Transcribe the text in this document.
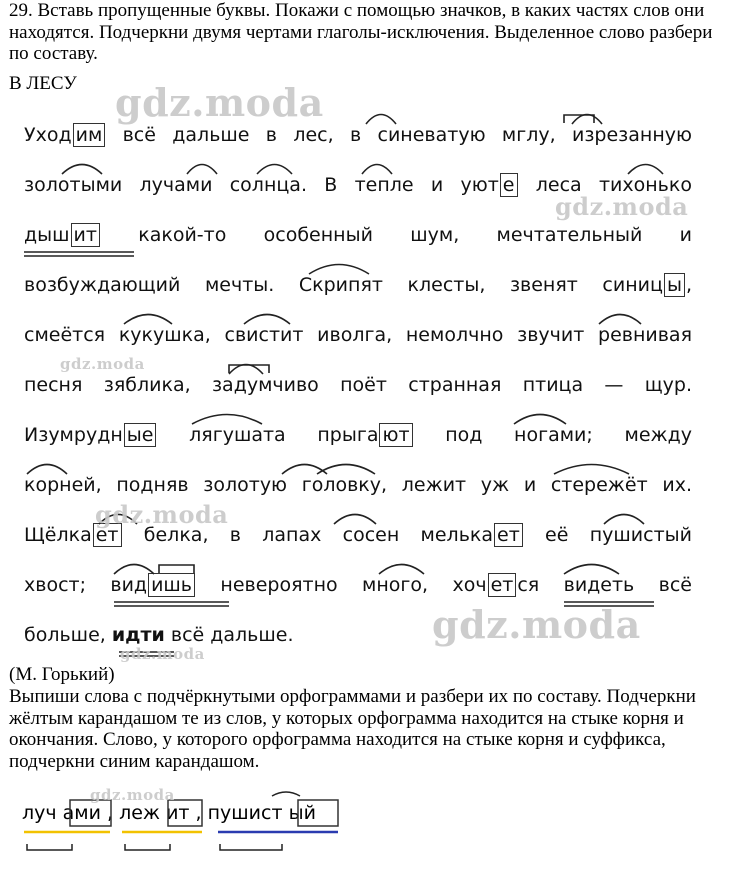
29. Вставь пропущенные буквы. Покажи с помощью значков, в каких частях слов они находятся. Подчеркни двумя чертами глаголы-исключения. Выделенное слово разбери по составу.

В ЛЕСУ

Уход им всё дальше в лес, в синеватую мглу, изрезанную
золотыми лучами солнца. В тепле и уют е леса тихонько
дыш ит какой-то особенный шум, мечтательный и
возбуждающий мечты. Скрипят клесты, звенят синиц ы ,
смеётся кукушка, свистит иволга, немолчно звучит ревнивая
песня зяблика, задумчиво поёт странная птица — щур.
Изумрудн ые лягушата прыга ют под ногами; между
корней, подняв золотую головку, лежит уж и стережёт их.
Щёлка ет белка, в лапах сосен мелька ет её пушистый
хвост; вид ишь невероятно много, хоч ет ся видеть всё
больше, идти всё дальше.

(М. Горький)

Выпиши слова с подчёркнутыми орфограммами и разбери их по составу. Подчеркни жёлтым карандашом те из слов, у которых орфограмма находится на стыке корня и окончания. Слово, у которого орфограмма находится на стыке корня и суффикса, подчеркни синим карандашом.

луч ами , леж ит , пушист ый
gdz.moda
gdz.moda
gdz.moda
gdz.moda
gdz.moda
gdz.moda
gdz.moda
